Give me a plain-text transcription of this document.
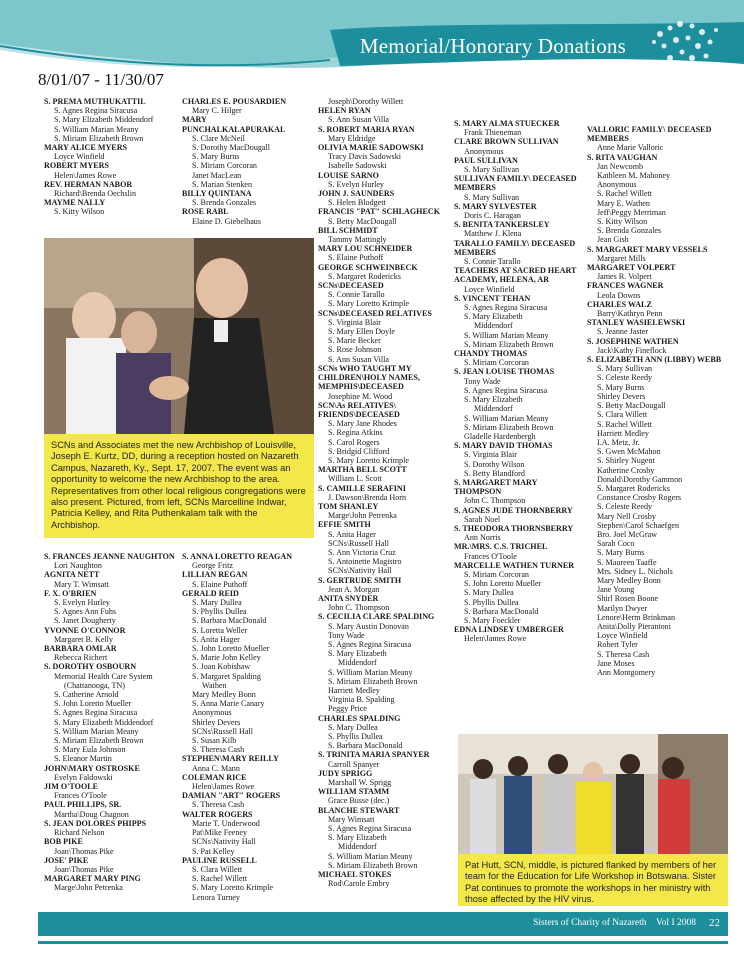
Memorial/Honorary Donations
8/01/07 - 11/30/07
S. PREMA MUTHUKATTIL
S. Agnes Regina Siracusa
S. Mary Elizabeth Middendorf
S. William Marian Meany
S. Miriam Elizabeth Brown
MARY ALICE MYERS
Loyce Winfield
ROBERT MYERS
Helen\James Rowe
REV. HERMAN NABOR
Richard\Brenda Oechslin
MAYME NALLY
S. Kitty Wilson
CHARLES E. POUSARDIEN
Mary C. Hilger
MARY PUNCHALKALAPURAKAL
S. Clare McNeil
S. Dorothy MacDougall
S. Mary Burns
S. Miriam Corcoran
Janet MacLean
S. Marian Stenken
BILLY QUINTANA
S. Brenda Gonzales
ROSE RABL
Elaine D. Giebelhaus
Joseph\Dorothy Willett
HELEN RYAN
S. Ann Susan Villa
S. ROBERT MARIA RYAN
Mary Eldridge
OLIVIA MARIE SADOWSKI
Tracy Davis Sadowski
Isabelle Sadowski
LOUISE SARNO
S. Evelyn Hurley
JOHN J. SAUNDERS
S. Helen Blodgett
FRANCIS "PAT" SCHLAGHECK
S. Betty MacDougall
BILL SCHMIDT
Tammy Mattingly
MARY LOU SCHNEIDER
S. Elaine Puthoff
GEORGE SCHWEINBECK
S. Margaret Rodericks
SCNs\DECEASED
S. Connie Tarallo
S. Mary Loretto Krimple
SCNs\DECEASED RELATIVES
S. Virginia Blair
S. Mary Ellen Doyle
S. Marie Becker
S. Rose Johnson
S. Ann Susan Villa
SCNs WHO TAUGHT MY CHILDREN\HOLY NAMES, MEMPHIS\DECEASED
Josephine M. Wood
SCN\As RELATIVES\ FRIENDS\DECEASED
S. Mary Jane Rhodes
S. Regina Atkins
S. Carol Rogers
S. Bridgid Clifford
S. Mary Loretto Krimple
MARTHA BELL SCOTT
William L. Scott
S. CAMILLE SERAFINI
J. Dawson\Brenda Horn
TOM SHANLEY
Marge\John Petrenka
EFFIE SMITH
S. Anita Hager
SCNs\Russell Hall
S. Ann Victoria Cruz
S. Antoinette Magistro
SCNs\Nativity Hall
S. GERTRUDE SMITH
Jean A. Morgan
ANITA SNYDER
John C. Thompson
S. CECILIA CLARE SPALDING
S. Mary Austin Donovan
Tony Wade
S. Agnes Regina Siracusa
S. Mary Elizabeth
Middendorf
S. William Marian Meany
S. Miriam Elizabeth Brown
Harriett Medley
Virginia B. Spalding
Peggy Price
CHARLES SPALDING
S. Mary Dullea
S. Phyllis Dullea
S. Barbara MacDonald
S. TRINITA MARIA SPANYER
Carroll Spanyer
JUDY SPRIGG
Marshall W. Sprigg
WILLIAM STAMM
Grace Busse (dec.)
BLANCHE STEWART
Mary Wimsatt
S. Agnes Regina Siracusa
S. Mary Elizabeth
Middendorf
S. William Marian Meany
S. Miriam Elizabeth Brown
MICHAEL STOKES
Rod\Carole Embry
S. MARY ALMA STUECKER
Frank Thieneman
CLARE BROWN SULLIVAN
Anonymous
PAUL SULLIVAN
S. Mary Sullivan
SULLIVAN FAMILY\ DECEASED MEMBERS
S. Mary Sullivan
S. MARY SYLVESTER
Doris C. Haragan
S. BENITA TANKERSLEY
Matthew J. Klena
TARALLO FAMILY\ DECEASED MEMBERS
S. Connie Tarallo
TEACHERS AT SACRED HEART ACADEMY, HELENA, AR
Loyce Winfield
S. VINCENT TEHAN
S. Agnes Regina Siracusa
S. Mary Elizabeth
Middendorf
S. William Marian Meany
S. Miriam Elizabeth Brown
CHANDY THOMAS
S. Miriam Corcoran
S. JEAN LOUISE THOMAS
Tony Wade
S. Agnes Regina Siracusa
S. Mary Elizabeth
Middendorf
S. William Marian Meany
S. Miriam Elizabeth Brown
Gladelle Hardenbergh
S. MARY DAVID THOMAS
S. Virginia Blair
S. Dorothy Wilson
S. Betty Blandford
S. MARGARET MARY THOMPSON
John C. Thompson
S. AGNES JUDE THORNBERRY
Sarah Noel
S. THEODORA THORNSBERRY
Ann Norris
MR.\MRS. C.S. TRICHEL
Frances O'Toole
MARCELLE WATHEN TURNER
S. Miriam Corcoran
S. John Loretto Mueller
S. Mary Dullea
S. Phyllis Dullea
S. Barbara MacDonald
S. Mary Foeckler
EDNA LINDSEY UMBERGER
Helen\James Rowe
VALLORIC FAMILY\ DECEASED MEMBERS
Anne Marie Valloric
S. RITA VAUGHAN
Jan Newcomb
Kathleen M. Mahoney
Anonymous
S. Rachel Willett
Mary E. Wathen
Jeff\Peggy Merriman
S. Kitty Wilson
S. Brenda Gonzales
Jean Gish
S. MARGARET MARY VESSELS
Margaret Mills
MARGARET VOLPERT
James R. Volpert
FRANCES WAGNER
Leola Downs
CHARLES WALZ
Barry\Kathryn Penn
STANLEY WASIELEWSKI
S. Jeanne Jaster
S. JOSEPHINE WATHEN
Jack\Kathy Fineflock
S. ELIZABETH ANN (LIBBY) WEBB
S. Mary Sullivan
S. Celeste Reedy
S. Mary Burns
Shirley Devers
S. Betty MacDougall
S. Clara Willett
S. Rachel Willett
Harriett Medley
I.A. Metz, Jr.
S. Gwen McMahon
S. Shirley Nugent
Katherine Crosby
Donald\Dorothy Gammon
S. Margaret Rodericks
Constance Crosby Rogers
S. Celeste Reedy
Mary Nell Crosby
Stephen\Carol Schaefgen
Bro. Joel McGraw
Sarah Coco
S. Mary Burns
S. Maureen Taaffe
Mrs. Sidney L. Nichols
Mary Medley Bonn
Jane Young
Shirl Rosen Boone
Marilyn Dwyer
Lenore\Herm Brinkman
Anita\Dolly Pierantoni
Loyce Winfield
Robert Tyler
S. Theresa Cash
Jane Moses
Ann Montgomery
S. FRANCES JEANNE NAUGHTON
Lori Naughton
AGNITA NETT
Mary T. Wimsatt
F. X. O'BRIEN
S. Evelyn Hurley
S. Agnes Ann Fuhs
S. Janet Dougherty
YVONNE O'CONNOR
Margaret B. Kelly
BARBARA OMLAR
Rebecca Richert
S. DOROTHY OSBOURN
Memorial Health Care System
(Chattanooga, TN)
S. Catherine Arnold
S. John Loretto Mueller
S. Agnes Regina Siracusa
S. Mary Elizabeth Middendorf
S. William Marian Meany
S. Miriam Elizabeth Brown
S. Mary Eula Johnson
S. Eleanor Martin
JOHN\MARY OSTROSKE
Evelyn Faldowski
JIM O'TOOLE
Frances O'Toole
PAUL PHILLIPS, SR.
Martha\Doug Chagnon
S. JEAN DOLORES PHIPPS
Richard Nelson
BOB PIKE
Joan\Thomas Pike
JOSE' PIKE
Joan\Thomas Pike
MARGARET MARY PING
Marge\John Petrenka
S. ANNA LORETTO REAGAN
George Fritz
LILLIAN REGAN
S. Elaine Puthoff
GERALD REID
S. Mary Dullea
S. Phyllis Dullea
S. Barbara MacDonald
S. Loretta Weller
S. Anita Hager
S. John Loretto Mueller
S. Marie John Kelley
S. Joan Kobishaw
S. Margaret Spalding
Wathen
Mary Medley Bonn
S. Anna Marie Canary
Anonymous
Shirley Devers
SCNs\Russell Hall
S. Susan Kilb
S. Theresa Cash
STEPHEN\MARY REILLY
Anna C. Mann
COLEMAN RICE
Helen\James Rowe
DAMIAN "ART" ROGERS
S. Theresa Cash
WALTER ROGERS
Marie T. Underwood
Pat\Mike Feeney
SCNs\Nativity Hall
S. Pat Kelley
PAULINE RUSSELL
S. Clara Willett
S. Rachel Willett
S. Mary Loretto Krimple
Lenora Turney
SCNs and Associates met the new Archbishop of Louisville, Joseph E. Kurtz, DD, during a reception hosted on Nazareth Campus, Nazareth, Ky., Sept. 17, 2007. The event was an opportunity to welcome the new Archbishop to the area. Representatives from other local religious congregations were also present. Pictured, from left, SCNs Marcelline Indwar, Patricia Kelley, and Rita Puthenkalam talk with the Archbishop.
Pat Hutt, SCN, middle, is pictured flanked by members of her team for the Education for Life Workshop in Botswana. Sister Pat continues to promote the workshops in her ministry with those affected by the HIV virus.
Sisters of Charity of Nazareth Vol I 2008 22
